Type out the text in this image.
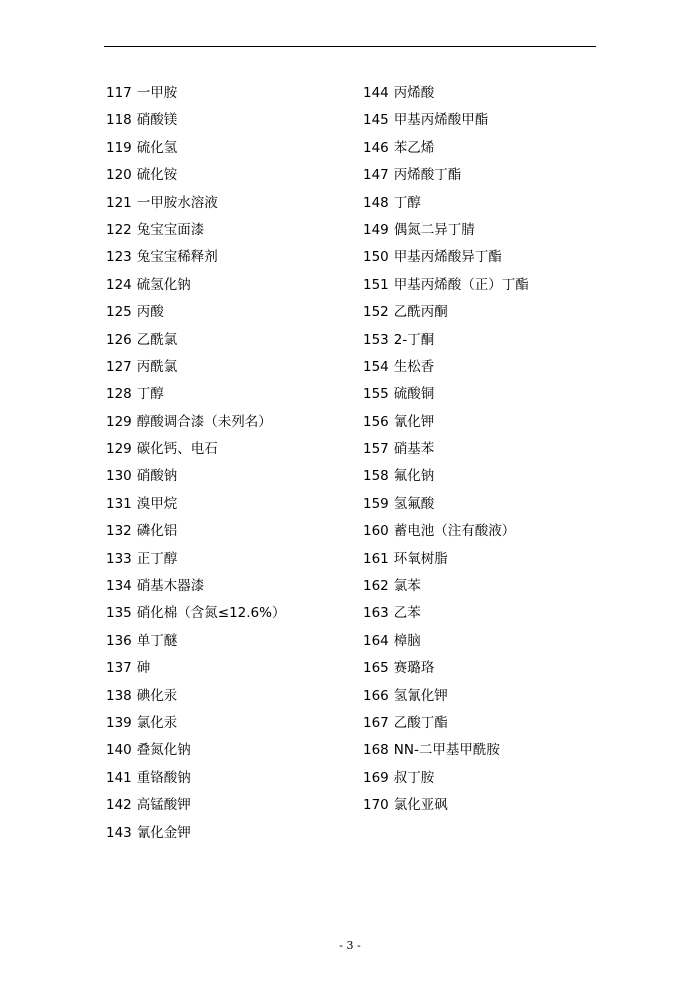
117 一甲胺
118 硝酸镁
119 硫化氢
120 硫化铵
121 一甲胺水溶液
122 兔宝宝面漆
123 兔宝宝稀释剂
124 硫氢化钠
125 丙酸
126 乙酰氯
127 丙酰氯
128 丁醇
129 醇酸调合漆（未列名）
129 碳化钙、电石
130 硝酸钠
131 溴甲烷
132 磷化铝
133 正丁醇
134 硝基木器漆
135 硝化棉（含氮≤12.6%）
136 单丁醚
137 砷
138 碘化汞
139 氯化汞
140 叠氮化钠
141 重铬酸钠
142 高锰酸钾
143 氰化金钾
144 丙烯酸
145 甲基丙烯酸甲酯
146 苯乙烯
147 丙烯酸丁酯
148 丁醇
149 偶氮二异丁腈
150 甲基丙烯酸异丁酯
151 甲基丙烯酸（正）丁酯
152 乙酰丙酮
153 2-丁酮
154 生松香
155 硫酸铜
156 氰化钾
157 硝基苯
158 氟化钠
159 氢氟酸
160 蓄电池（注有酸液）
161 环氧树脂
162 氯苯
163 乙苯
164 樟脑
165 赛璐珞
166 氢氰化钾
167 乙酸丁酯
168 NN-二甲基甲酰胺
169 叔丁胺
170 氯化亚砜
- 3 -
